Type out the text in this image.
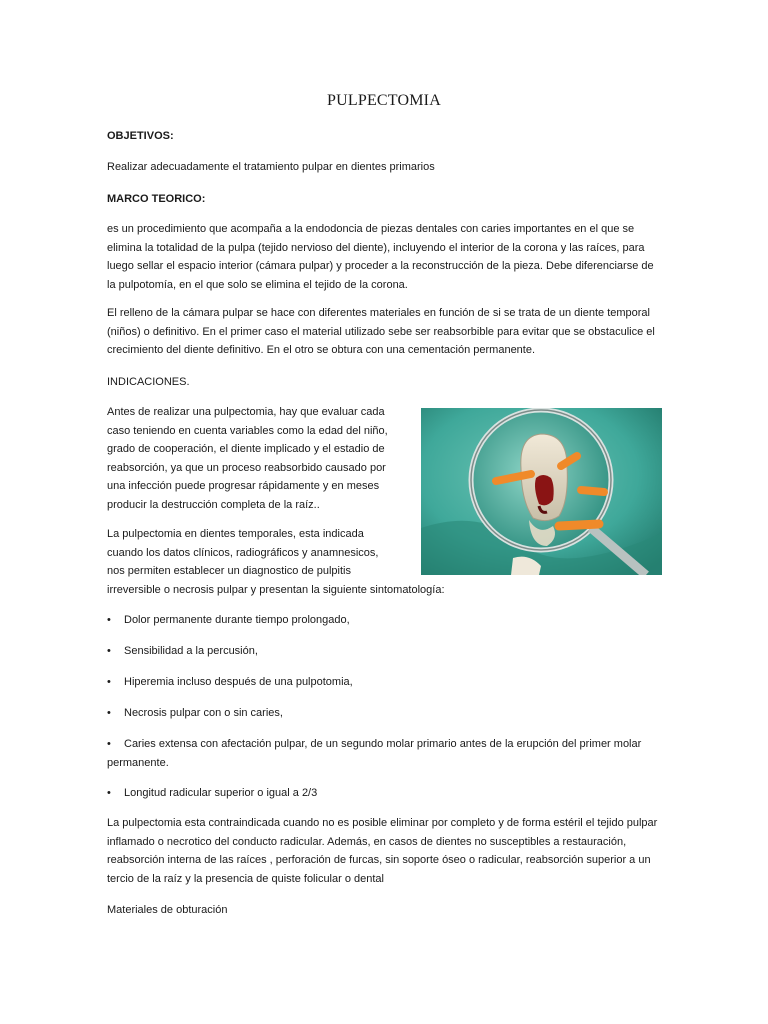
PULPECTOMIA

OBJETIVOS:

Realizar adecuadamente el tratamiento pulpar en dientes primarios

MARCO TEORICO:

es un procedimiento que acompaña a la endodoncia de piezas dentales con caries importantes en el que se elimina la totalidad de la pulpa (tejido nervioso del diente), incluyendo el interior de la corona y las raíces, para luego sellar el espacio interior (cámara pulpar) y proceder a la reconstrucción de la pieza. Debe diferenciarse de la pulpotomía, en el que solo se elimina el tejido de la corona.

El relleno de la cámara pulpar se hace con diferentes materiales en función de si se trata de un diente temporal (niños) o definitivo. En el primer caso el material utilizado sebe ser reabsorbible para evitar que se obstaculice el crecimiento del diente definitivo. En el otro se obtura con una cementación permanente.

INDICACIONES.

Antes de realizar una pulpectomia, hay que evaluar cada caso teniendo en cuenta variables como la edad del niño, grado de cooperación, el diente implicado y el estadio de reabsorción, ya que un proceso reabsorbido causado por una infección puede progresar rápidamente y en meses producir la destrucción completa de la raíz..

La pulpectomia en dientes temporales, esta indicada
cuando los datos clínicos, radiográficos y anamnesicos,
nos permiten establecer un diagnostico de pulpitis
irreversible o necrosis pulpar y presentan la siguiente sintomatología:
• Dolor permanente durante tiempo prolongado,
• Sensibilidad a la percusión,
• Hiperemia incluso después de una pulpotomia,
• Necrosis pulpar con o sin caries,
• Caries extensa con afectación pulpar, de un segundo molar primario antes de la erupción del primer molar permanente.
• Longitud radicular superior o igual a 2/3

La pulpectomia esta contraindicada cuando no es posible eliminar por completo y de forma estéril el tejido pulpar inflamado o necrotico del conducto radicular. Además, en casos de dientes no susceptibles a restauración, reabsorción interna de las raíces , perforación de furcas, sin soporte óseo o radicular, reabsorción superior a un tercio de la raíz y la presencia de quiste folicular o dental

Materiales de obturación
